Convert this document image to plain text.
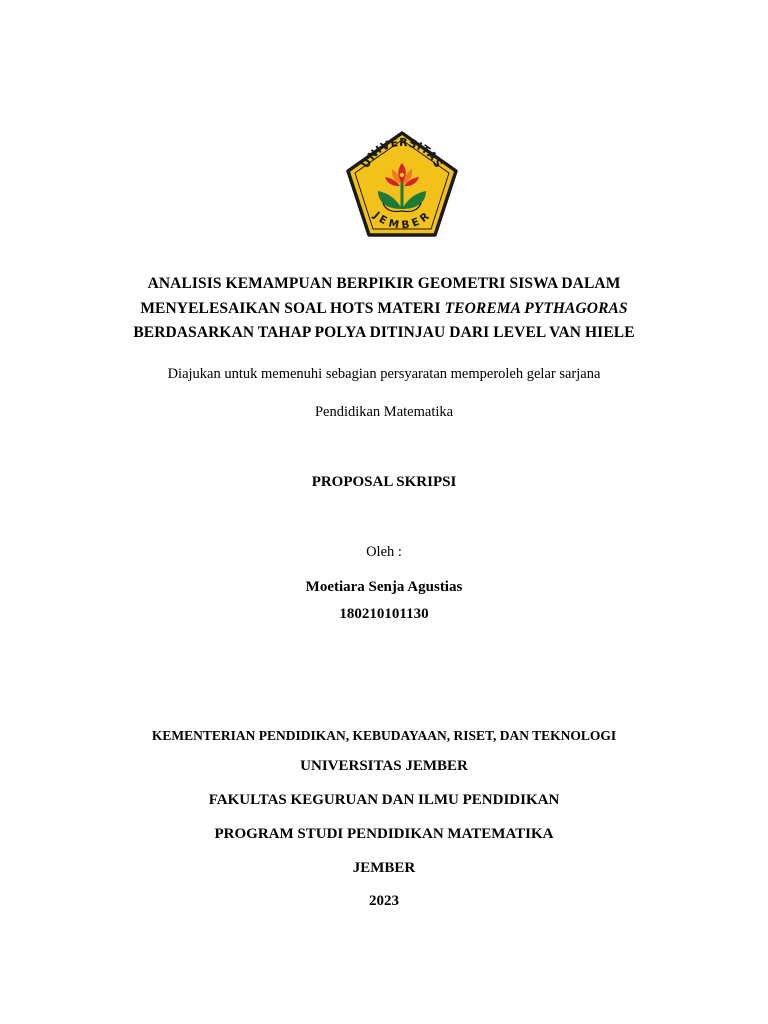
UNIVERSITAS
JEMBER
ANALISIS KEMAMPUAN BERPIKIR GEOMETRI SISWA DALAM
MENYELESAIKAN SOAL HOTS MATERI TEOREMA PYTHAGORAS
BERDASARKAN TAHAP POLYA DITINJAU DARI LEVEL VAN HIELE
Diajukan untuk memenuhi sebagian persyaratan memperoleh gelar sarjana
Pendidikan Matematika
PROPOSAL SKRIPSI
Oleh :
Moetiara Senja Agustias
180210101130
KEMENTERIAN PENDIDIKAN, KEBUDAYAAN, RISET, DAN TEKNOLOGI
UNIVERSITAS JEMBER
FAKULTAS KEGURUAN DAN ILMU PENDIDIKAN
PROGRAM STUDI PENDIDIKAN MATEMATIKA
JEMBER
2023
